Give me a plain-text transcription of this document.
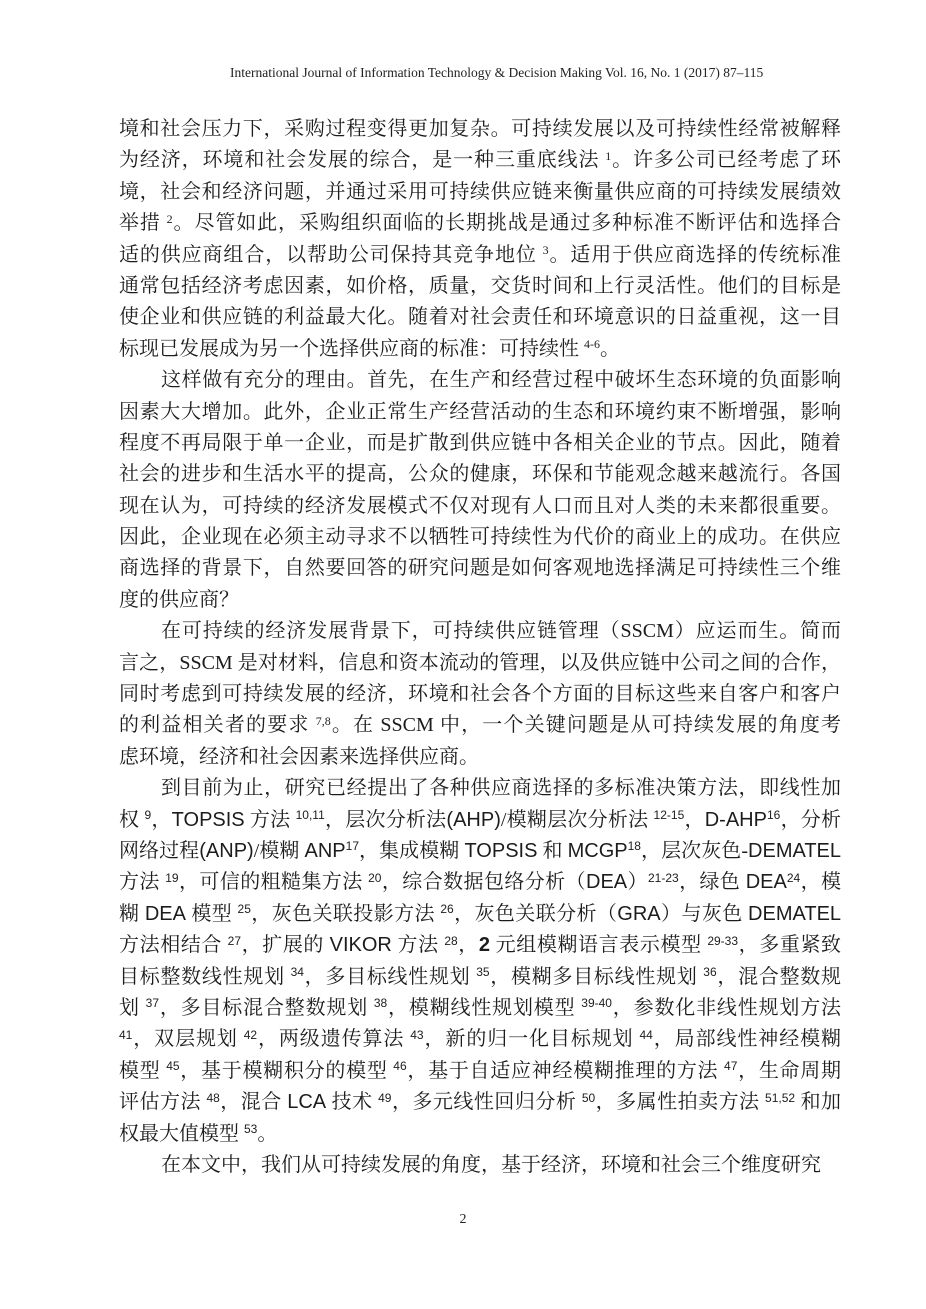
International Journal of Information Technology & Decision Making Vol. 16, No. 1 (2017) 87–115
境和社会压力下，采购过程变得更加复杂。可持续发展以及可持续性经常被解释
为经济，环境和社会发展的综合，是一种三重底线法 $^1$。许多公司已经考虑了环
境，社会和经济问题，并通过采用可持续供应链来衡量供应商的可持续发展绩效
举措 $^2$。尽管如此，采购组织面临的长期挑战是通过多种标准不断评估和选择合
适的供应商组合，以帮助公司保持其竞争地位 $^3$。适用于供应商选择的传统标准
通常包括经济考虑因素，如价格，质量，交货时间和上行灵活性。他们的目标是
使企业和供应链的利益最大化。随着对社会责任和环境意识的日益重视，这一目
标现已发展成为另一个选择供应商的标准：可持续性 $^{4-6}$。
这样做有充分的理由。首先，在生产和经营过程中破坏生态环境的负面影响
因素大大增加。此外，企业正常生产经营活动的生态和环境约束不断增强，影响
程度不再局限于单一企业，而是扩散到供应链中各相关企业的节点。因此，随着
社会的进步和生活水平的提高，公众的健康，环保和节能观念越来越流行。各国
现在认为，可持续的经济发展模式不仅对现有人口而且对人类的未来都很重要。
因此，企业现在必须主动寻求不以牺牲可持续性为代价的商业上的成功。在供应
商选择的背景下，自然要回答的研究问题是如何客观地选择满足可持续性三个维
度的供应商？
在可持续的经济发展背景下，可持续供应链管理（SSCM）应运而生。简而
言之，SSCM 是对材料，信息和资本流动的管理，以及供应链中公司之间的合作，
同时考虑到可持续发展的经济，环境和社会各个方面的目标这些来自客户和客户
的利益相关者的要求 $^{7,8}$。在 SSCM 中，一个关键问题是从可持续发展的角度考
虑环境，经济和社会因素来选择供应商。
到目前为止，研究已经提出了各种供应商选择的多标准决策方法，即线性加
权 $^9$，TOPSIS 方法 $^{10,11}$，层次分析法(AHP)/模糊层次分析法 $^{12-15}$，D-AHP$^{16}$，分析
网络过程(ANP)/模糊 ANP$^{17}$，集成模糊 TOPSIS 和 MCGP$^{18}$，层次灰色-DEMATEL
方法 $^{19}$，可信的粗糙集方法 $^{20}$，综合数据包络分析（DEA）$^{21-23}$，绿色 DEA$^{24}$，模
糊 DEA 模型 $^{25}$，灰色关联投影方法 $^{26}$，灰色关联分析（GRA）与灰色 DEMATEL
方法相结合 $^{27}$，扩展的 VIKOR 方法 $^{28}$，2 元组模糊语言表示模型 $^{29-33}$，多重紧致
目标整数线性规划 $^{34}$，多目标线性规划 $^{35}$，模糊多目标线性规划 $^{36}$，混合整数规
划 $^{37}$，多目标混合整数规划 $^{38}$，模糊线性规划模型 $^{39-40}$，参数化非线性规划方法
$^{41}$，双层规划 $^{42}$，两级遗传算法 $^{43}$，新的归一化目标规划 $^{44}$，局部线性神经模糊
模型 $^{45}$，基于模糊积分的模型 $^{46}$，基于自适应神经模糊推理的方法 $^{47}$，生命周期
评估方法 $^{48}$，混合 LCA 技术 $^{49}$，多元线性回归分析 $^{50}$，多属性拍卖方法 $^{51,52}$ 和加
权最大值模型 $^{53}$。
在本文中，我们从可持续发展的角度，基于经济，环境和社会三个维度研究
2
